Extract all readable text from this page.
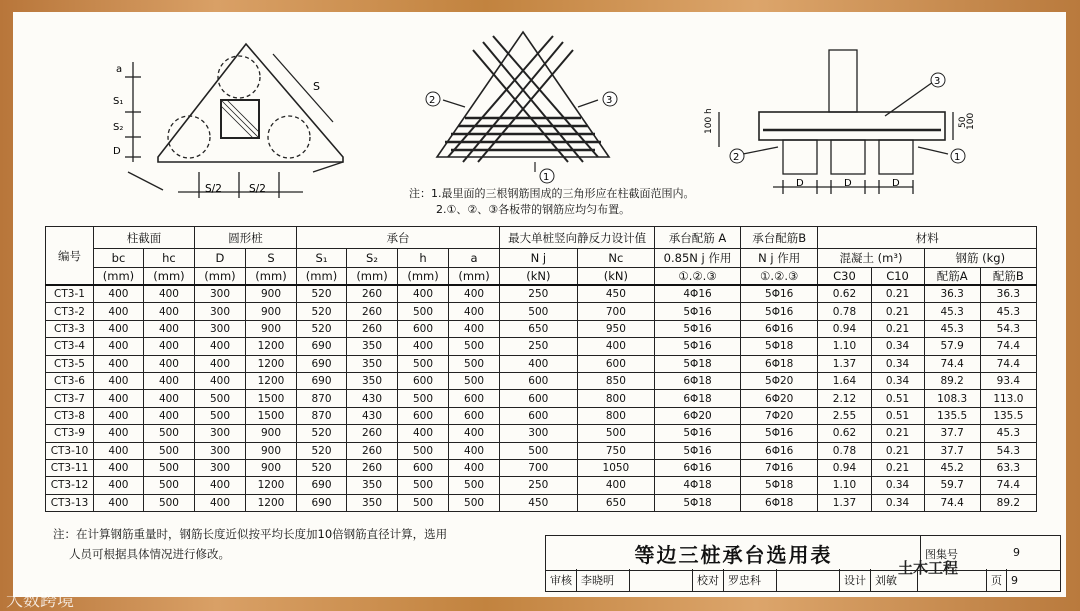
S
S₁
S₂
D
a
S/2	S/2
2	3
1
3
2	1
D	D	D
100 h	50
100
注：1.最里面的三根钢筋围成的三角形应在柱截面范围内。
2.①、②、③各板带的钢筋应均匀布置。
编号	柱截面		圆形桩		承台				最大单桩竖向静反力设计值		承台配筋 A	承台配筋B	材料			
	bc	hc	D	S	S₁	S₂	h	a	N j	Nc	0.85N j 作用	N j 作用	混凝土 (m³)		钢筋 (kg)	
	(mm)	(mm)	(mm)	(mm)	(mm)	(mm)	(mm)	(mm)	(kN)	(kN)	①.②.③	①.②.③	C30	C10	配筋A	配筋B
CT3-1	400	400	300	900	520	260	400	400	250	450	4Φ16	5Φ16	0.62	0.21	36.3	36.3
CT3-2	400	400	300	900	520	260	500	400	500	700	5Φ16	5Φ16	0.78	0.21	45.3	45.3
CT3-3	400	400	300	900	520	260	600	400	650	950	5Φ16	6Φ16	0.94	0.21	45.3	54.3
CT3-4	400	400	400	1200	690	350	400	500	250	400	5Φ16	5Φ18	1.10	0.34	57.9	74.4
CT3-5	400	400	400	1200	690	350	500	500	400	600	5Φ18	6Φ18	1.37	0.34	74.4	74.4
CT3-6	400	400	400	1200	690	350	600	500	600	850	6Φ18	5Φ20	1.64	0.34	89.2	93.4
CT3-7	400	400	500	1500	870	430	500	600	600	800	6Φ18	6Φ20	2.12	0.51	108.3	113.0
CT3-8	400	400	500	1500	870	430	600	600	600	800	6Φ20	7Φ20	2.55	0.51	135.5	135.5
CT3-9	400	500	300	900	520	260	400	400	300	500	5Φ16	5Φ16	0.62	0.21	37.7	45.3
CT3-10	400	500	300	900	520	260	500	400	500	750	5Φ16	6Φ16	0.78	0.21	37.7	54.3
CT3-11	400	500	300	900	520	260	600	400	700	1050	6Φ16	7Φ16	0.94	0.21	45.2	63.3
CT3-12	400	500	400	1200	690	350	500	500	250	400	4Φ18	5Φ18	1.10	0.34	59.7	74.4
CT3-13	400	500	400	1200	690	350	500	500	450	650	5Φ18	6Φ18	1.37	0.34	74.4	89.2
注：在计算钢筋重量时，钢筋长度近似按平均长度加10倍钢筋直径计算，选用
人员可根据具体情况进行修改。	等边三桩承台选用表	图集号	9
审核 李晓明	校对 罗忠科	设计 刘敏	页 9
大数跨境
土木工程
